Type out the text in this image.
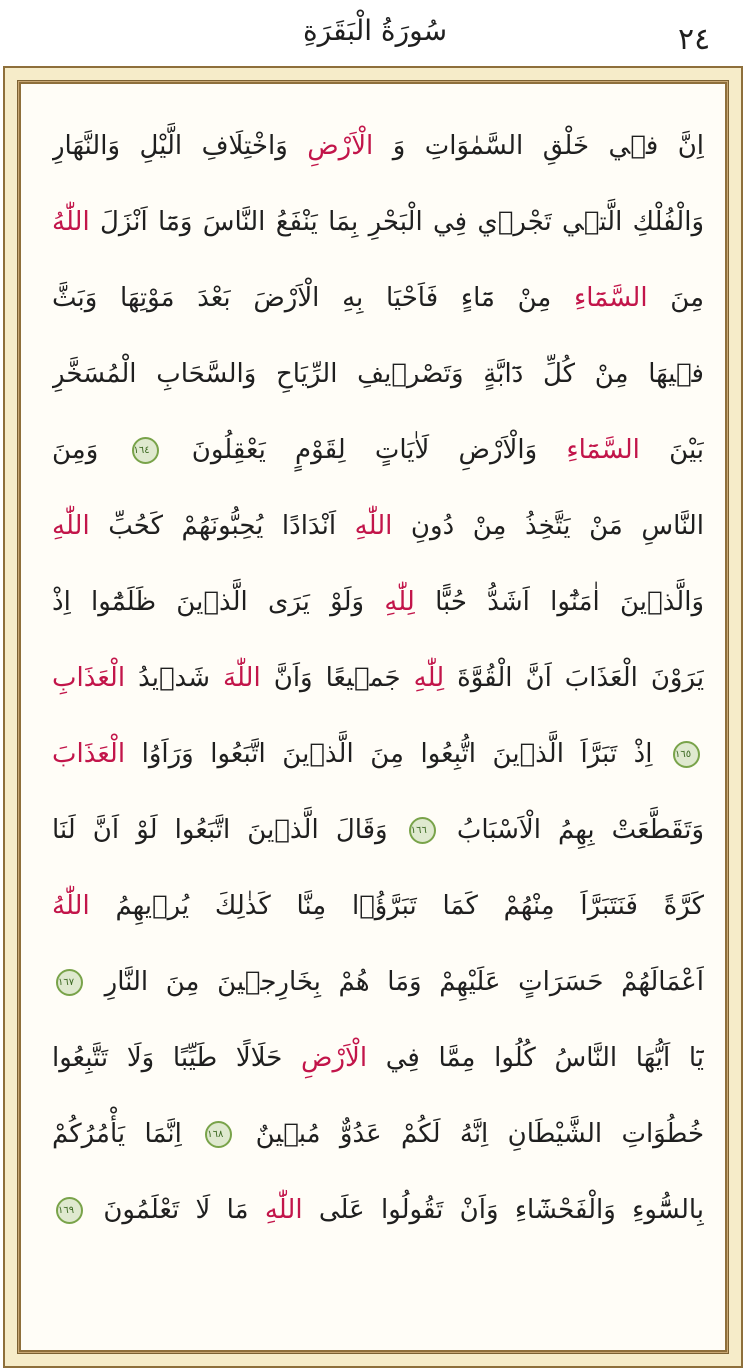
سُورَةُ الْبَقَرَةِ	٢٤
اِنَّ فٖي خَلْقِ السَّمٰوَاتِ وَ الْاَرْضِ وَاخْتِلَافِ الَّيْلِ وَالنَّهَارِ
وَالْفُلْكِ الَّتٖي تَجْرٖي فِي الْبَحْرِ بِمَا يَنْفَعُ النَّاسَ وَمَٓا اَنْزَلَ اللّٰهُ
مِنَ السَّمَٓاءِ مِنْ مَٓاءٍ فَاَحْيَا بِهِ الْاَرْضَ بَعْدَ مَوْتِهَا وَبَثَّ
فٖيهَا مِنْ كُلِّ دَٓابَّةٍ وَتَصْرٖيفِ الرِّيَاحِ وَالسَّحَابِ الْمُسَخَّرِ
بَيْنَ السَّمَٓاءِ وَالْاَرْضِ لَاٰيَاتٍ لِقَوْمٍ يَعْقِلُونَ ١٦٤ وَمِنَ
النَّاسِ مَنْ يَتَّخِذُ مِنْ دُونِ اللّٰهِ اَنْدَادًا يُحِبُّونَهُمْ كَحُبِّ اللّٰهِ
وَالَّذٖينَ اٰمَنُٓوا اَشَدُّ حُبًّا لِلّٰهِ وَلَوْ يَرَى الَّذٖينَ ظَلَمُٓوا اِذْ
يَرَوْنَ الْعَذَابَ اَنَّ الْقُوَّةَ لِلّٰهِ جَمٖيعًا وَاَنَّ اللّٰهَ شَدٖيدُ الْعَذَابِ
١٦٥ اِذْ تَبَرَّاَ الَّذٖينَ اتُّبِعُوا مِنَ الَّذٖينَ اتَّبَعُوا وَرَاَوُا الْعَذَابَ
وَتَقَطَّعَتْ بِهِمُ الْاَسْبَابُ ١٦٦ وَقَالَ الَّذٖينَ اتَّبَعُوا لَوْ اَنَّ لَنَا
كَرَّةً فَنَتَبَرَّاَ مِنْهُمْ كَمَا تَبَرَّؤُ۫ا مِنَّا كَذٰلِكَ يُرٖيهِمُ اللّٰهُ
اَعْمَالَهُمْ حَسَرَاتٍ عَلَيْهِمْ وَمَا هُمْ بِخَارِجٖينَ مِنَ النَّارِ ١٦٧
يَٓا اَيُّهَا النَّاسُ كُلُوا مِمَّا فِي الْاَرْضِ حَلَالًا طَيِّبًا وَلَا تَتَّبِعُوا
خُطُوَاتِ الشَّيْطَانِ اِنَّهُ لَكُمْ عَدُوٌّ مُبٖينٌ ١٦٨ اِنَّمَا يَأْمُرُكُمْ
بِالسُّٓوءِ وَالْفَحْشَٓاءِ وَاَنْ تَقُولُوا عَلَى اللّٰهِ مَا لَا تَعْلَمُونَ ١٦٩
